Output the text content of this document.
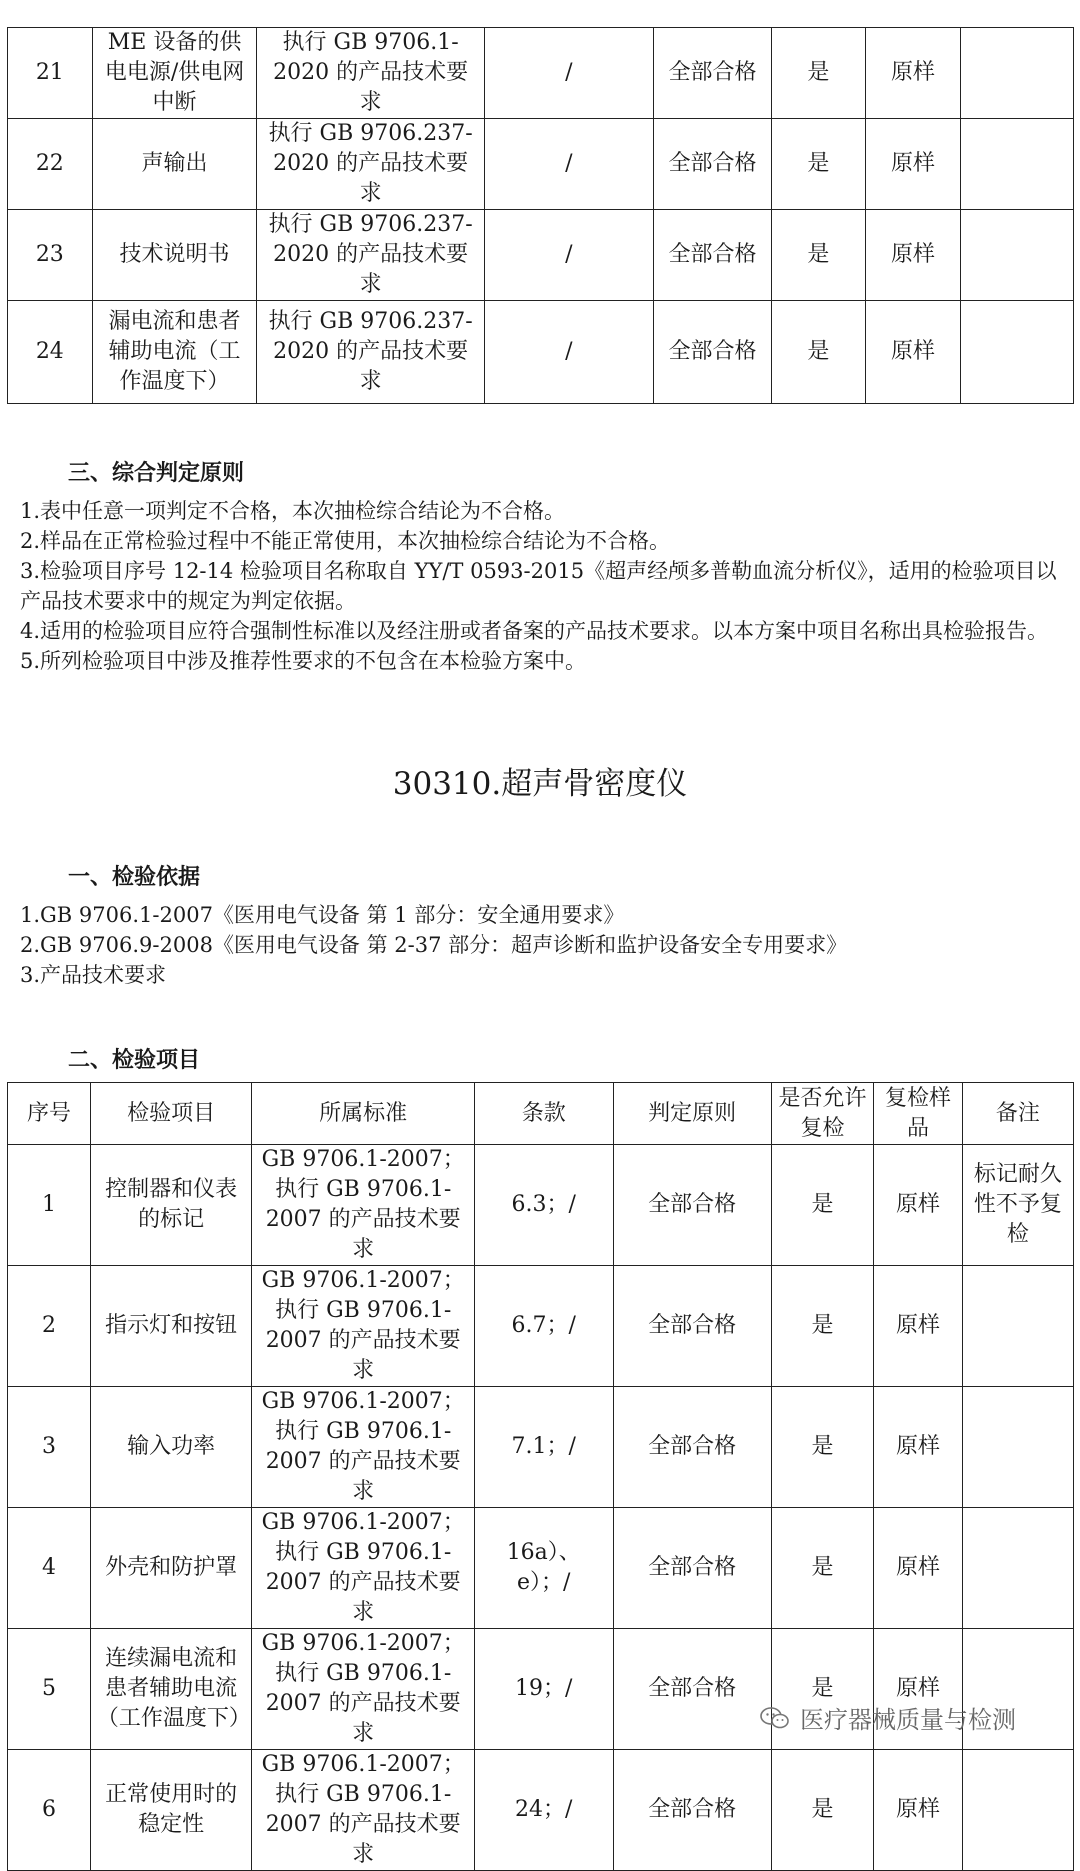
21	ME 设备的供电电源/供电网中断	执行 GB 9706.1-2020 的产品技术要求	/	全部合格	是	原样	
22	声输出	执行 GB 9706.237-2020 的产品技术要求	/	全部合格	是	原样	
23	技术说明书	执行 GB 9706.237-2020 的产品技术要求	/	全部合格	是	原样	
24	漏电流和患者辅助电流（工作温度下）	执行 GB 9706.237-2020 的产品技术要求	/	全部合格	是	原样	
三、综合判定原则

1.表中任意一项判定不合格，本次抽检综合结论为不合格。

2.样品在正常检验过程中不能正常使用，本次抽检综合结论为不合格。

3.检验项目序号 12-14 检验项目名称取自 YY/T 0593-2015《超声经颅多普勒血流分析仪》，适用的检验项目以产品技术要求中的规定为判定依据。

4.适用的检验项目应符合强制性标准以及经注册或者备案的产品技术要求。以本方案中项目名称出具检验报告。

5.所列检验项目中涉及推荐性要求的不包含在本检验方案中。

30310.超声骨密度仪
一、检验依据

1.GB 9706.1-2007《医用电气设备 第 1 部分：安全通用要求》

2.GB 9706.9-2008《医用电气设备 第 2-37 部分：超声诊断和监护设备安全专用要求》

3.产品技术要求

二、检验项目
序号	检验项目	所属标准	条款	判定原则	是否允许复检	复检样品	备注
1	控制器和仪表的标记	GB 9706.1-2007；执行 GB 9706.1-2007 的产品技术要求	6.3；/	全部合格	是	原样	标记耐久性不予复检
2	指示灯和按钮	GB 9706.1-2007；执行 GB 9706.1-2007 的产品技术要求	6.7；/	全部合格	是	原样	
3	输入功率	GB 9706.1-2007；执行 GB 9706.1-2007 的产品技术要求	7.1；/	全部合格	是	原样	
4	外壳和防护罩	GB 9706.1-2007；执行 GB 9706.1-2007 的产品技术要求	16a）、e）；/	全部合格	是	原样	
5	连续漏电流和患者辅助电流（工作温度下）	GB 9706.1-2007；执行 GB 9706.1-2007 的产品技术要求	19；/	全部合格	是	原样	
6	正常使用时的稳定性	GB 9706.1-2007；执行 GB 9706.1-2007 的产品技术要求	24；/	全部合格	是	原样	
医疗器械质量与检测
